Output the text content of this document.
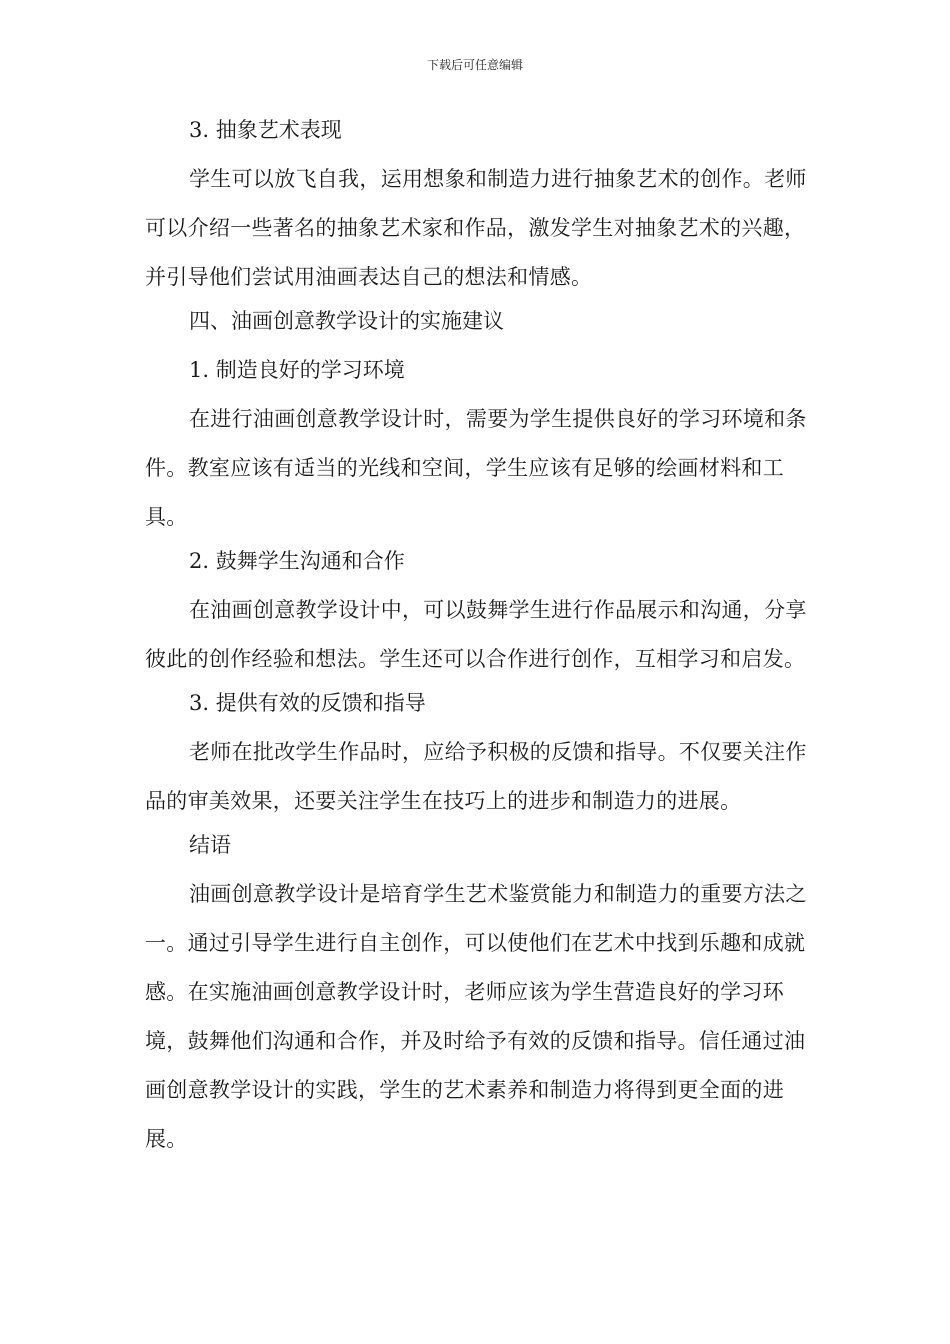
下载后可任意编辑
3. 抽象艺术表现

学生可以放飞自我，运用想象和制造力进行抽象艺术的创作。老师可以介绍一些著名的抽象艺术家和作品，激发学生对抽象艺术的兴趣，并引导他们尝试用油画表达自己的想法和情感。

四、油画创意教学设计的实施建议
1. 制造良好的学习环境

在进行油画创意教学设计时，需要为学生提供良好的学习环境和条件。教室应该有适当的光线和空间，学生应该有足够的绘画材料和工具。

2. 鼓舞学生沟通和合作

在油画创意教学设计中，可以鼓舞学生进行作品展示和沟通，分享彼此的创作经验和想法。学生还可以合作进行创作，互相学习和启发。

3. 提供有效的反馈和指导

老师在批改学生作品时，应给予积极的反馈和指导。不仅要关注作品的审美效果，还要关注学生在技巧上的进步和制造力的进展。

结语

油画创意教学设计是培育学生艺术鉴赏能力和制造力的重要方法之一。通过引导学生进行自主创作，可以使他们在艺术中找到乐趣和成就感。在实施油画创意教学设计时，老师应该为学生营造良好的学习环境，鼓舞他们沟通和合作，并及时给予有效的反馈和指导。信任通过油画创意教学设计的实践，学生的艺术素养和制造力将得到更全面的进展。
